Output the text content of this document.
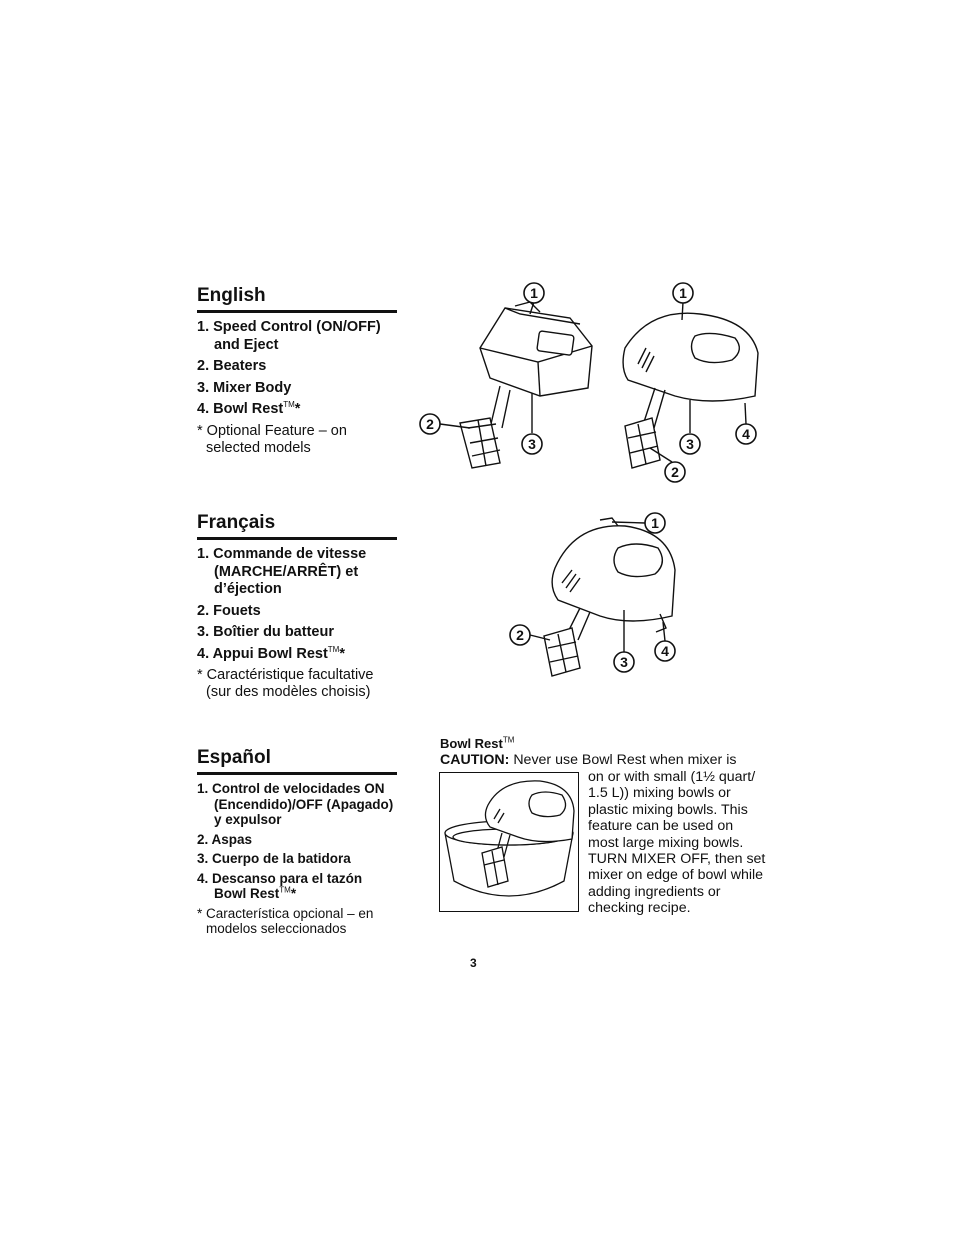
English
1. Speed Control (ON/OFF) and Eject
2. Beaters
3. Mixer Body
4. Bowl Rest™*
* Optional Feature – on selected models
Français
1. Commande de vitesse (MARCHE/ARRÊT) et d’éjection
2. Fouets
3. Boîtier du batteur
4. Appui Bowl Rest™*
* Caractéristique facultative (sur des modèles choisis)
Español
1. Control de velocidades ON (Encendido)/OFF (Apagado) y expulsor
2. Aspas
3. Cuerpo de la batidora
4. Descanso para el tazón Bowl Rest™*
* Característica opcional – en modelos seleccionados
1	1
2
3	3
4
2
1
2
3
4
Bowl Rest™
CAUTION: Never use Bowl Rest when mixer is
on or with small (1½ quart/ 1.5 L)) mixing bowls or plastic mixing bowls. This feature can be used on most large mixing bowls. TURN MIXER OFF, then set mixer on edge of bowl while adding ingredients or checking recipe.
3
